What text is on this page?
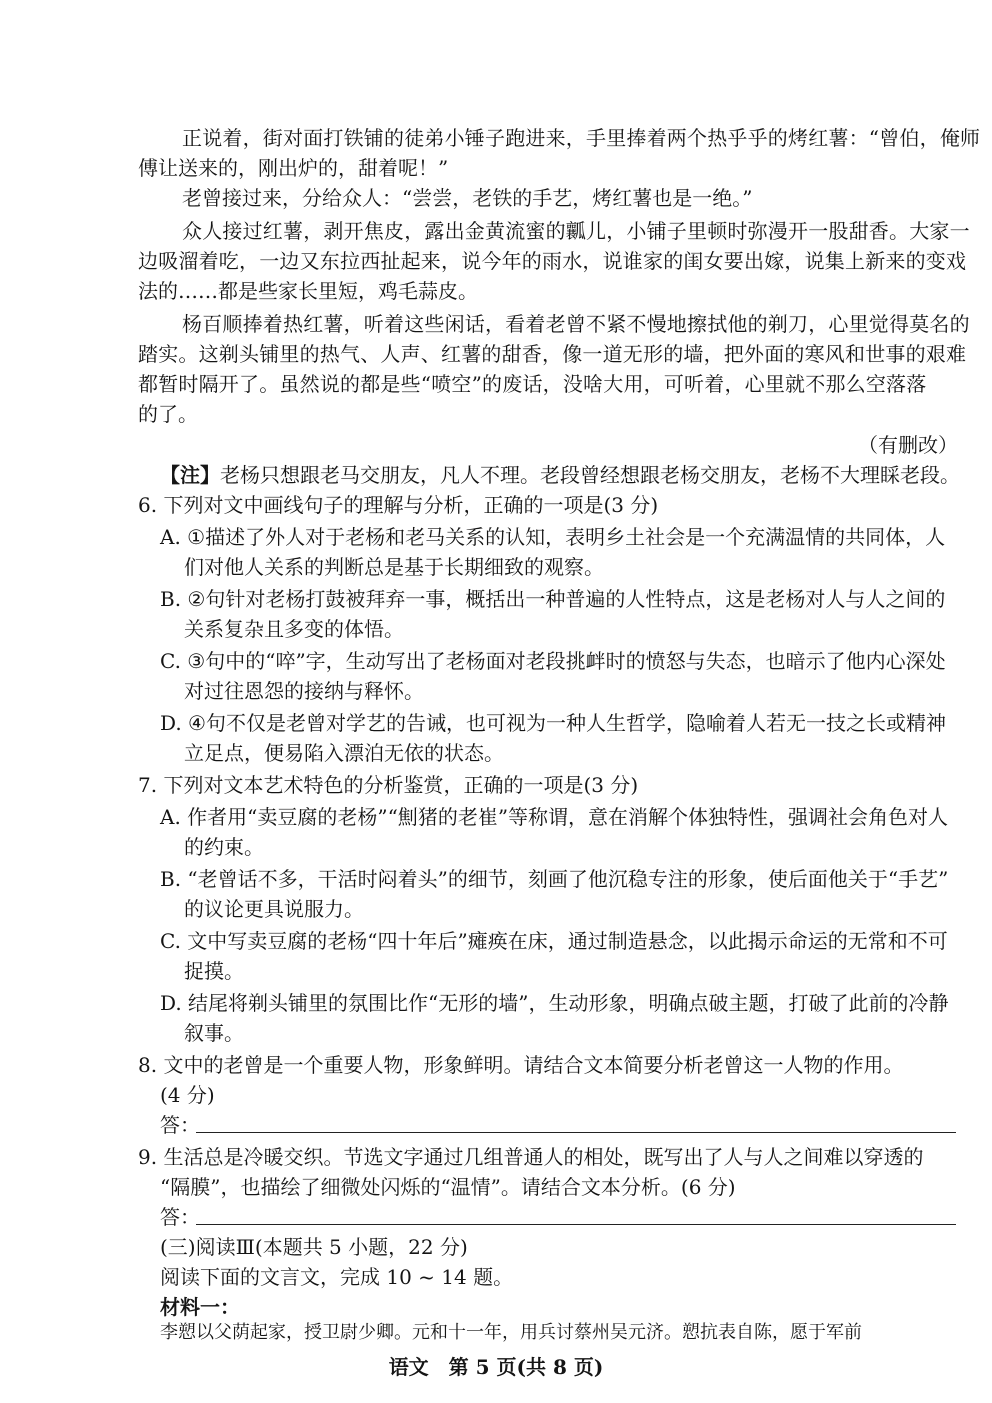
正说着，街对面打铁铺的徒弟小锤子跑进来，手里捧着两个热乎乎的烤红薯：“曾伯，俺师
傅让送来的，刚出炉的，甜着呢！”
老曾接过来，分给众人：“尝尝，老铁的手艺，烤红薯也是一绝。”
众人接过红薯，剥开焦皮，露出金黄流蜜的瓤儿，小铺子里顿时弥漫开一股甜香。大家一
边吸溜着吃，一边又东拉西扯起来，说今年的雨水，说谁家的闺女要出嫁，说集上新来的变戏
法的……都是些家长里短，鸡毛蒜皮。
杨百顺捧着热红薯，听着这些闲话，看着老曾不紧不慢地擦拭他的剃刀，心里觉得莫名的
踏实。这剃头铺里的热气、人声、红薯的甜香，像一道无形的墙，把外面的寒风和世事的艰难
都暂时隔开了。虽然说的都是些“喷空”的废话，没啥大用，可听着，心里就不那么空落落
的了。
（有删改）
【注】老杨只想跟老马交朋友，凡人不理。老段曾经想跟老杨交朋友，老杨不大理睬老段。
6. 下列对文中画线句子的理解与分析，正确的一项是(3 分)
A. ①描述了外人对于老杨和老马关系的认知，表明乡土社会是一个充满温情的共同体，人
们对他人关系的判断总是基于长期细致的观察。
B. ②句针对老杨打鼓被拜弃一事，概括出一种普遍的人性特点，这是老杨对人与人之间的
关系复杂且多变的体悟。
C. ③句中的“啐”字，生动写出了老杨面对老段挑衅时的愤怒与失态，也暗示了他内心深处
对过往恩怨的接纳与释怀。
D. ④句不仅是老曾对学艺的告诫，也可视为一种人生哲学，隐喻着人若无一技之长或精神
立足点，便易陷入漂泊无依的状态。
7. 下列对文本艺术特色的分析鉴赏，正确的一项是(3 分)
A. 作者用“卖豆腐的老杨”“劁猪的老崔”等称谓，意在消解个体独特性，强调社会角色对人
的约束。
B. “老曾话不多，干活时闷着头”的细节，刻画了他沉稳专注的形象，使后面他关于“手艺”
的议论更具说服力。
C. 文中写卖豆腐的老杨“四十年后”瘫痪在床，通过制造悬念，以此揭示命运的无常和不可
捉摸。
D. 结尾将剃头铺里的氛围比作“无形的墙”，生动形象，明确点破主题，打破了此前的冷静
叙事。
8. 文中的老曾是一个重要人物，形象鲜明。请结合文本简要分析老曾这一人物的作用。
(4 分)
答：
9. 生活总是冷暖交织。节选文字通过几组普通人的相处，既写出了人与人之间难以穿透的
“隔膜”，也描绘了细微处闪烁的“温情”。请结合文本分析。(6 分)
答：
(三)阅读Ⅲ(本题共 5 小题，22 分)
阅读下面的文言文，完成 10 ~ 14 题。
材料一：
李愬以父荫起家，授卫尉少卿。元和十一年，用兵讨蔡州吴元济。愬抗表自陈，愿于军前
语文　第 5 页(共 8 页)
